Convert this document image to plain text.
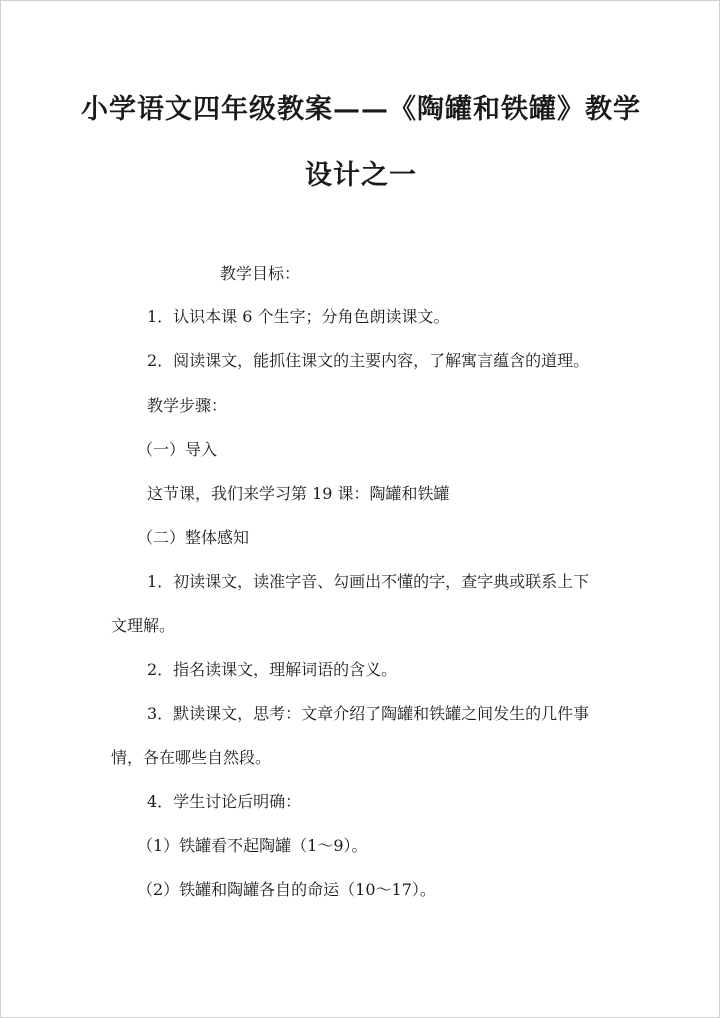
小学语文四年级教案——《陶罐和铁罐》教学
设计之一
教学目标：
1．认识本课 6 个生字；分角色朗读课文。
2．阅读课文，能抓住课文的主要内容，了解寓言蕴含的道理。
教学步骤：
（一）导入
这节课，我们来学习第 19 课：陶罐和铁罐
（二）整体感知
1．初读课文，读准字音、勾画出不懂的字，查字典或联系上下
文理解。
2．指名读课文，理解词语的含义。
3．默读课文，思考：文章介绍了陶罐和铁罐之间发生的几件事
情，各在哪些自然段。
4．学生讨论后明确：
（1）铁罐看不起陶罐（1～9）。
（2）铁罐和陶罐各自的命运（10～17）。
